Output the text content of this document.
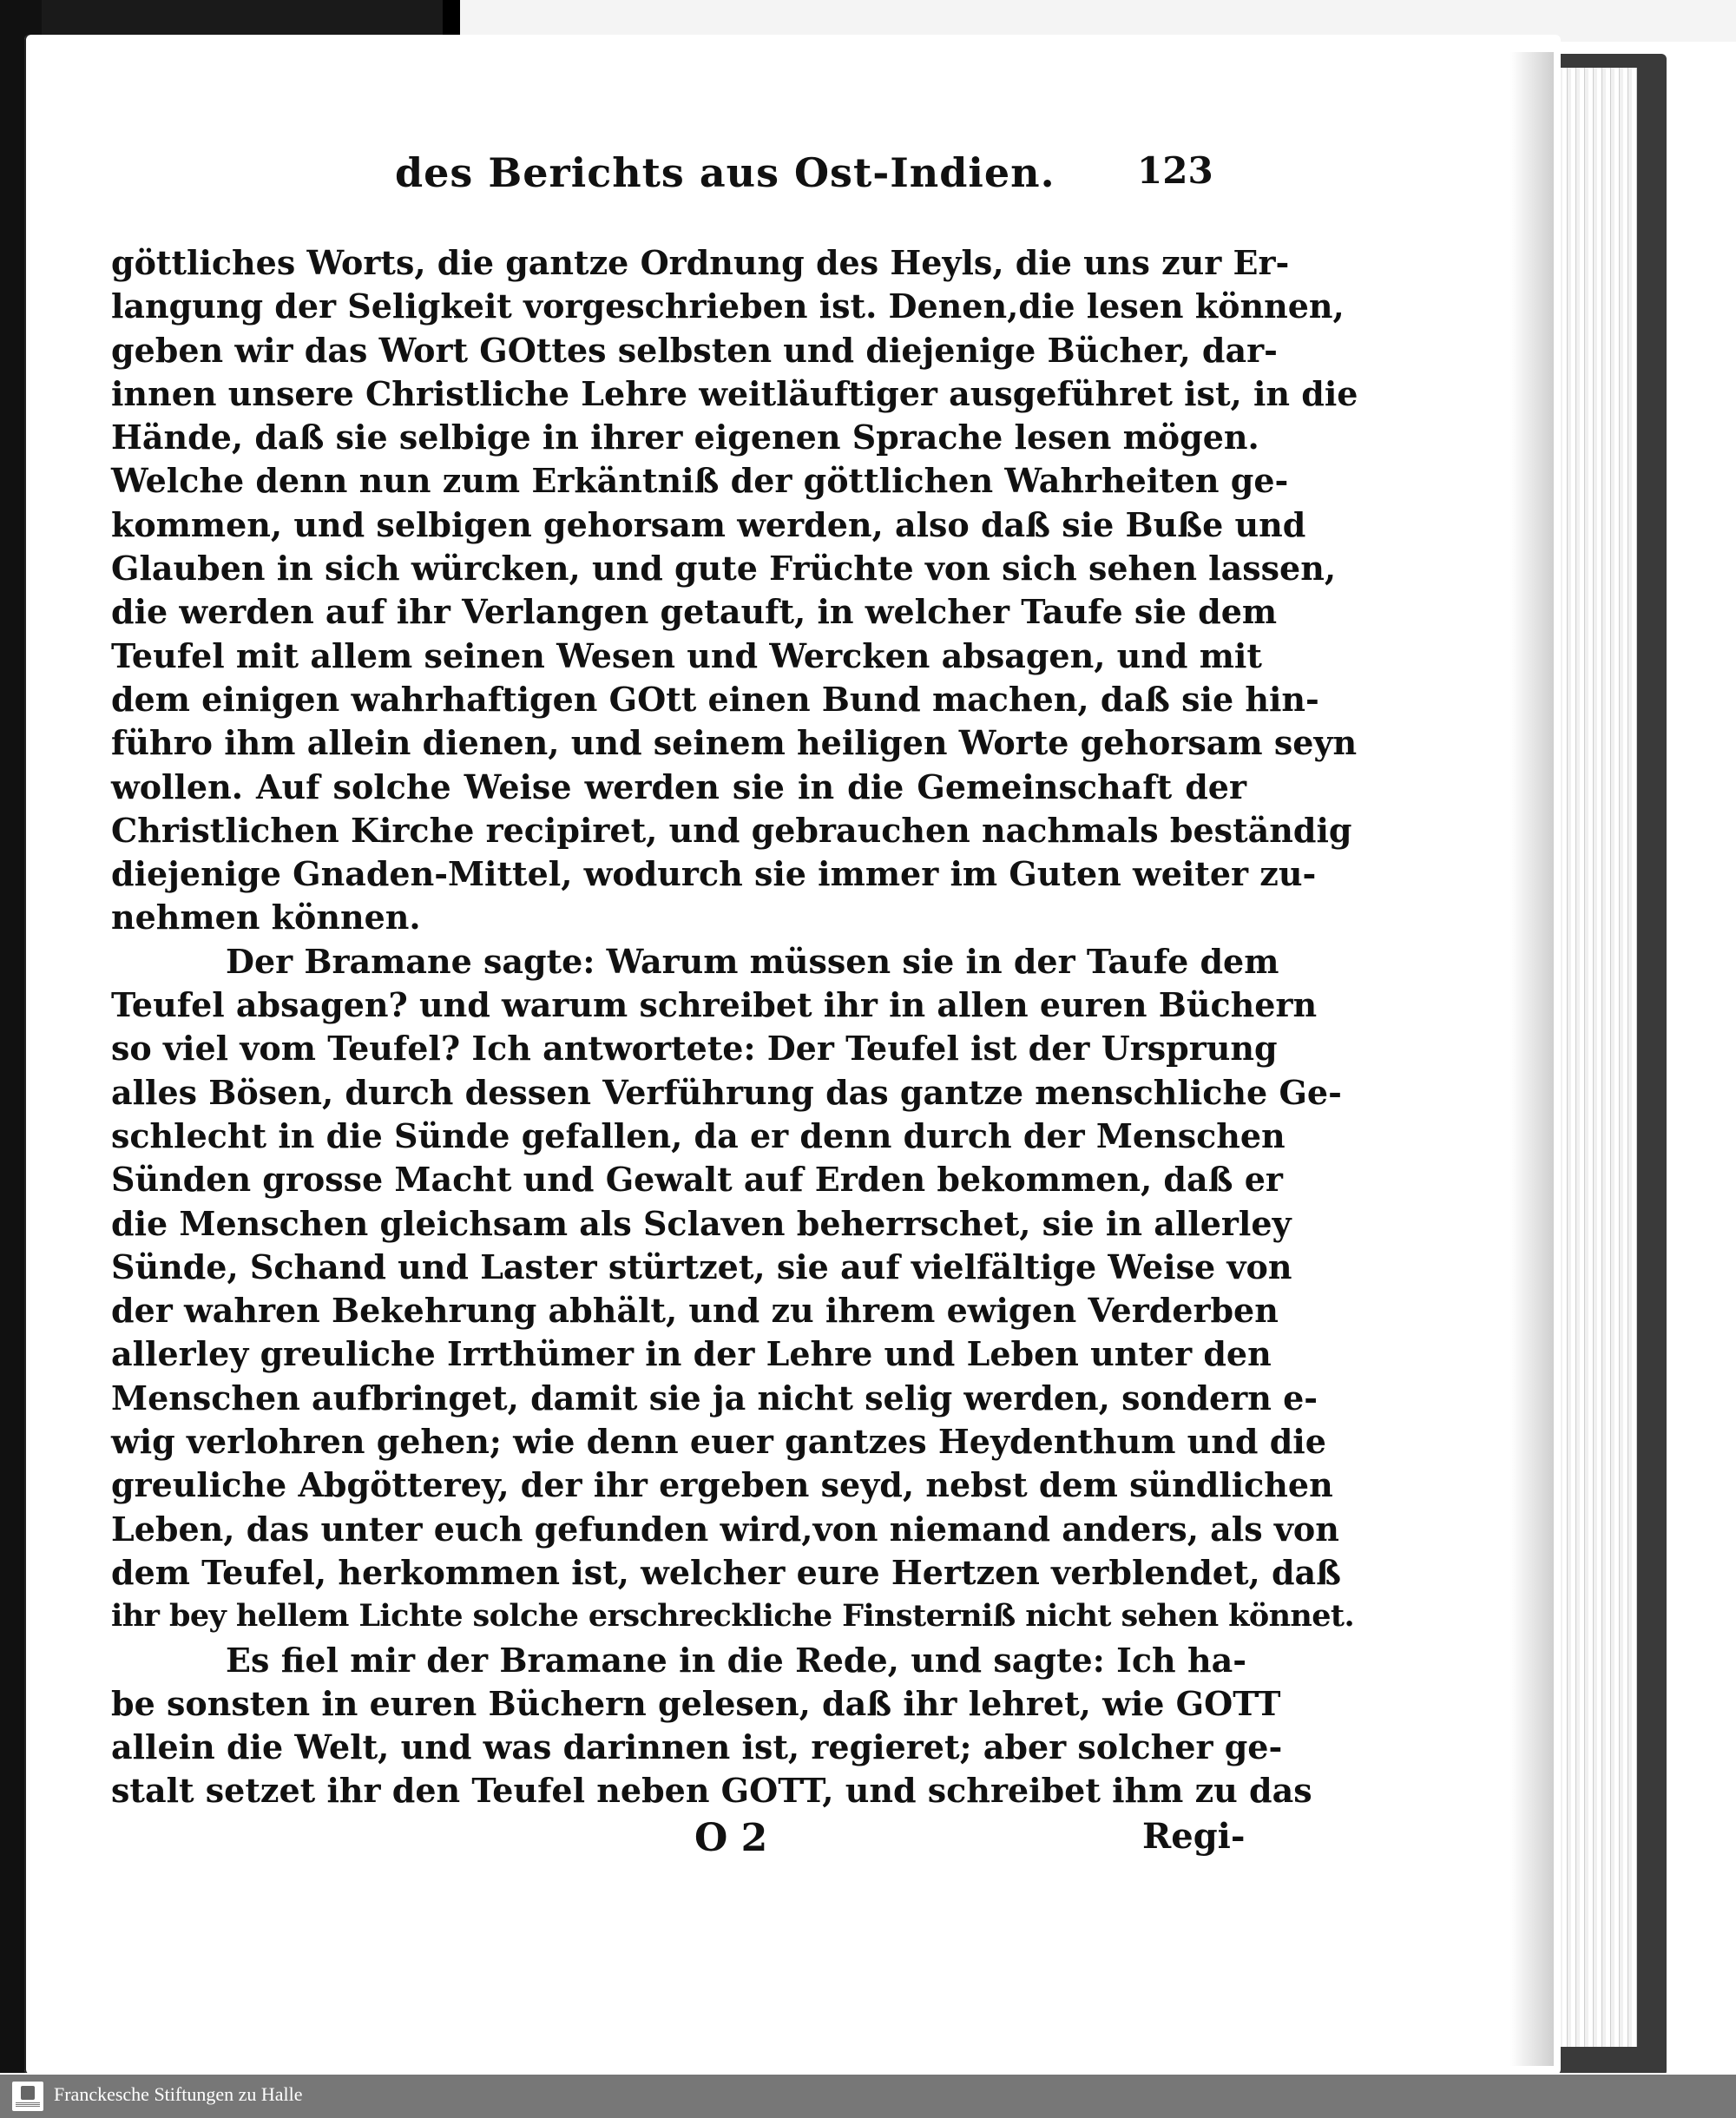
des Berichts aus Ost-Indien.	123
göttliches Worts, die gantze Ordnung des Heyls, die uns zur Er-
langung der Seligkeit vorgeschrieben ist. Denen,die lesen können,
geben wir das Wort GOttes selbsten und diejenige Bücher, dar-
innen unsere Christliche Lehre weitläuftiger ausgeführet ist, in die
Hände, daß sie selbige in ihrer eigenen Sprache lesen mögen.
Welche denn nun zum Erkäntniß der göttlichen Wahrheiten ge-
kommen, und selbigen gehorsam werden, also daß sie Buße und
Glauben in sich würcken, und gute Früchte von sich sehen lassen,
die werden auf ihr Verlangen getauft, in welcher Taufe sie dem
Teufel mit allem seinen Wesen und Wercken absagen, und mit
dem einigen wahrhaftigen GOtt einen Bund machen, daß sie hin-
führo ihm allein dienen, und seinem heiligen Worte gehorsam seyn
wollen. Auf solche Weise werden sie in die Gemeinschaft der
Christlichen Kirche recipiret, und gebrauchen nachmals beständig
diejenige Gnaden-Mittel, wodurch sie immer im Guten weiter zu-
nehmen können.
Der Bramane sagte: Warum müssen sie in der Taufe dem
Teufel absagen? und warum schreibet ihr in allen euren Büchern
so viel vom Teufel? Ich antwortete: Der Teufel ist der Ursprung
alles Bösen, durch dessen Verführung das gantze menschliche Ge-
schlecht in die Sünde gefallen, da er denn durch der Menschen
Sünden grosse Macht und Gewalt auf Erden bekommen, daß er
die Menschen gleichsam als Sclaven beherrschet, sie in allerley
Sünde, Schand und Laster stürtzet, sie auf vielfältige Weise von
der wahren Bekehrung abhält, und zu ihrem ewigen Verderben
allerley greuliche Irrthümer in der Lehre und Leben unter den
Menschen aufbringet, damit sie ja nicht selig werden, sondern e-
wig verlohren gehen; wie denn euer gantzes Heydenthum und die
greuliche Abgötterey, der ihr ergeben seyd, nebst dem sündlichen
Leben, das unter euch gefunden wird,von niemand anders, als von
dem Teufel, herkommen ist, welcher eure Hertzen verblendet, daß
ihr bey hellem Lichte solche erschreckliche Finsterniß nicht sehen könnet.
Es fiel mir der Bramane in die Rede, und sagte: Ich ha-
be sonsten in euren Büchern gelesen, daß ihr lehret, wie GOTT
allein die Welt, und was darinnen ist, regieret; aber solcher ge-
stalt setzet ihr den Teufel neben GOTT, und schreibet ihm zu das
O 2	Regi-
Franckesche Stiftungen zu Halle
